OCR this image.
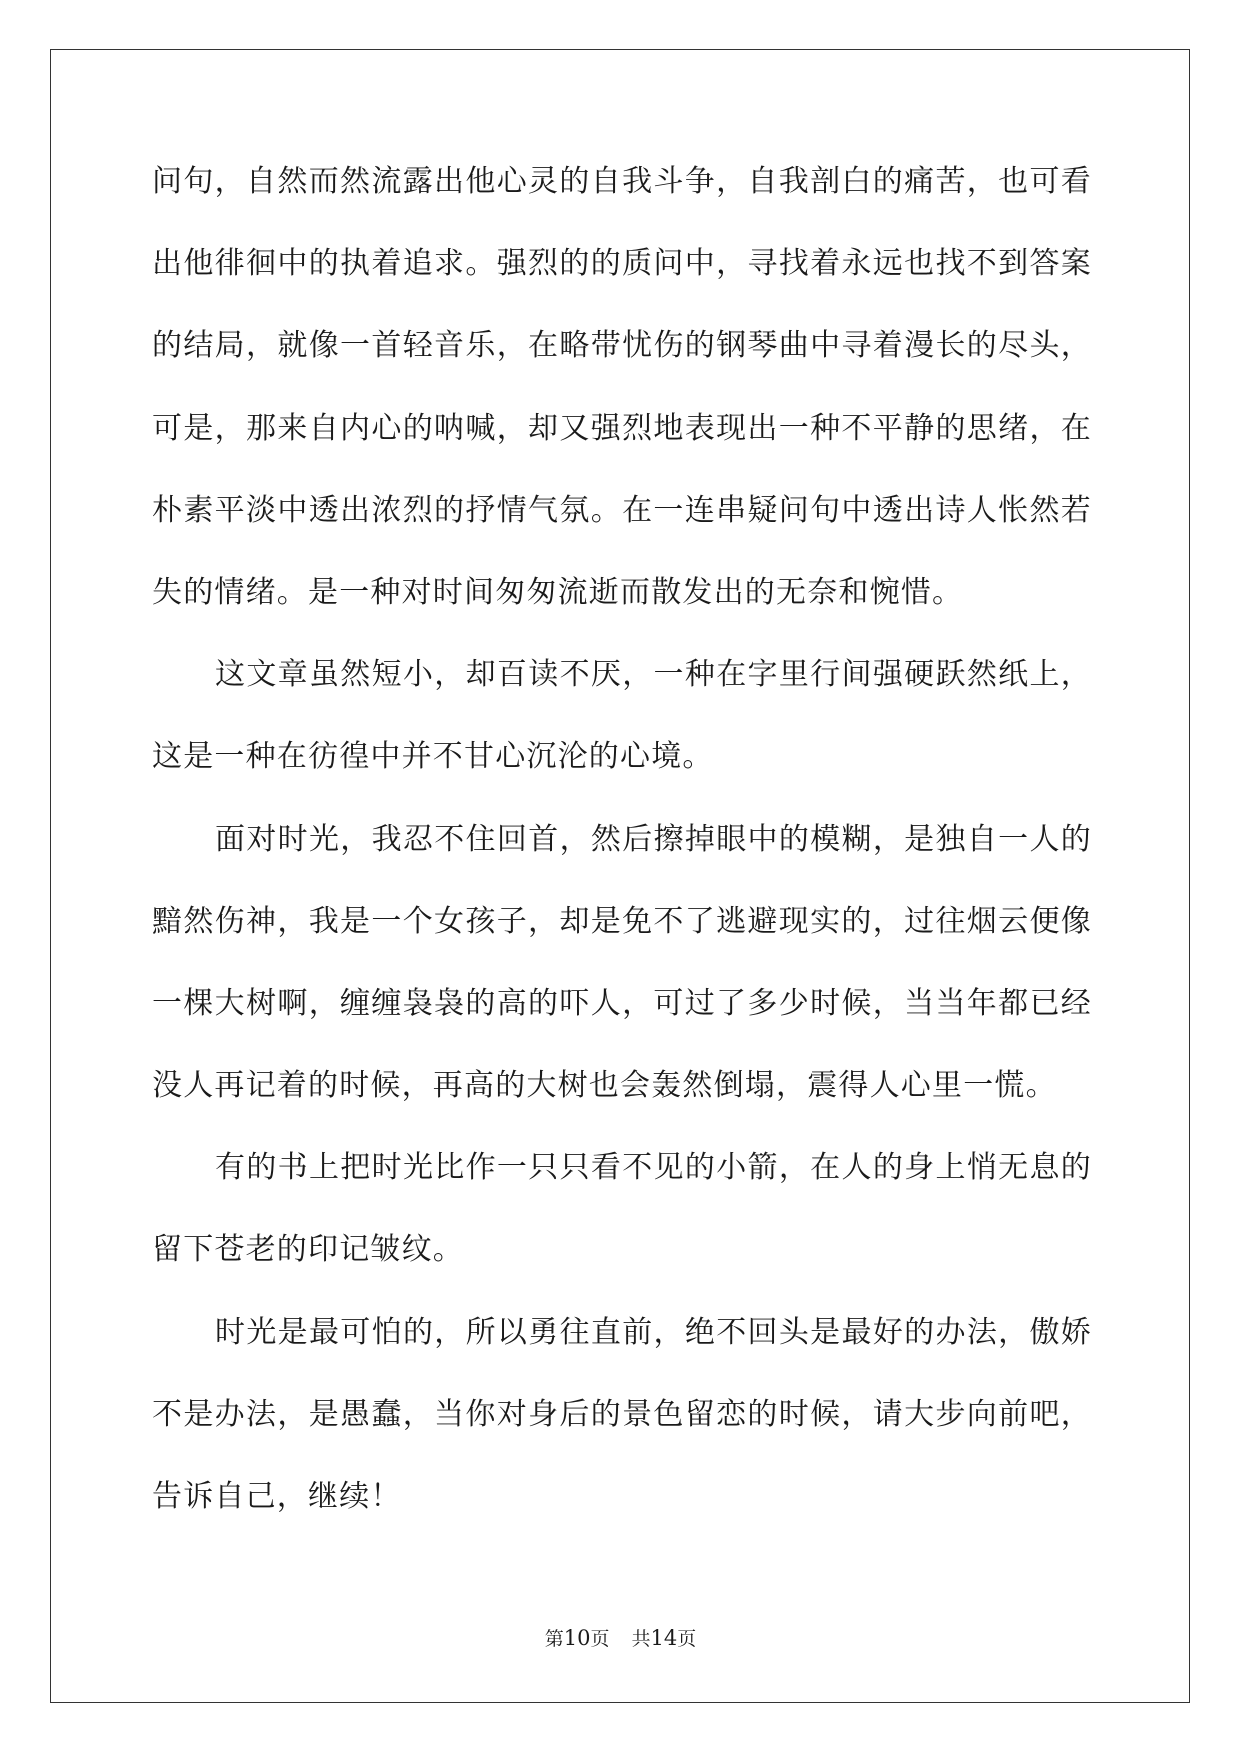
问句，自然而然流露出他心灵的自我斗争，自我剖白的痛苦，也可看
出他徘徊中的执着追求。强烈的的质问中，寻找着永远也找不到答案
的结局，就像一首轻音乐，在略带忧伤的钢琴曲中寻着漫长的尽头，
可是，那来自内心的呐喊，却又强烈地表现出一种不平静的思绪，在
朴素平淡中透出浓烈的抒情气氛。在一连串疑问句中透出诗人怅然若
失的情绪。是一种对时间匆匆流逝而散发出的无奈和惋惜。
这文章虽然短小，却百读不厌，一种在字里行间强硬跃然纸上，
这是一种在彷徨中并不甘心沉沦的心境。
面对时光，我忍不住回首，然后擦掉眼中的模糊，是独自一人的
黯然伤神，我是一个女孩子，却是免不了逃避现实的，过往烟云便像
一棵大树啊，缠缠袅袅的高的吓人，可过了多少时候，当当年都已经
没人再记着的时候，再高的大树也会轰然倒塌，震得人心里一慌。
有的书上把时光比作一只只看不见的小箭，在人的身上悄无息的
留下苍老的印记皱纹。
时光是最可怕的，所以勇往直前，绝不回头是最好的办法，傲娇
不是办法，是愚蠢，当你对身后的景色留恋的时候，请大步向前吧，
告诉自己，继续！
第10页 共14页
